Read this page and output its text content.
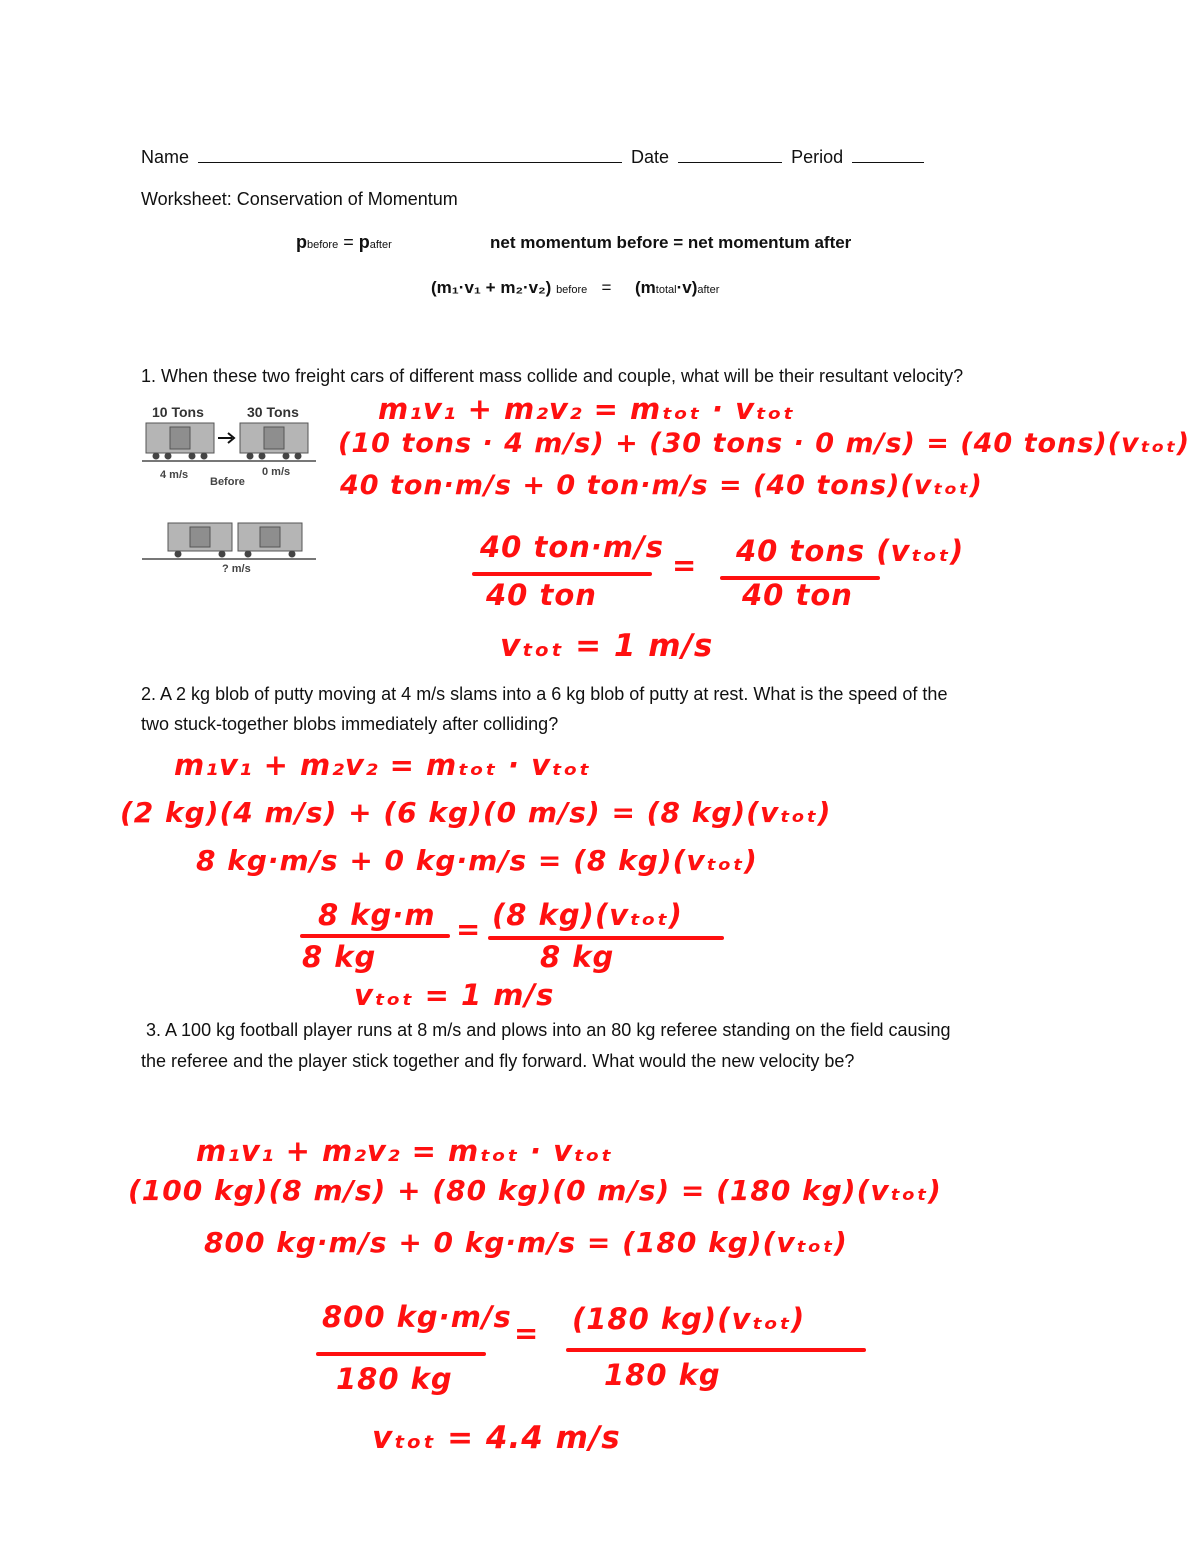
Name	Date	Period
Worksheet: Conservation of Momentum
pbefore = pafter	net momentum before = net momentum after
(m₁·v₁ + m₂·v₂) before = (mtotal·v)after
1. When these two freight cars of different mass collide and couple, what will be their resultant velocity?
10 Tons	30 Tons
4 m/s	0 m/s
Before
? m/s
m₁v₁ + m₂v₂ = mₜₒₜ · vₜₒₜ
(10 tons · 4 m/s) + (30 tons · 0 m/s) = (40 tons)(vₜₒₜ)
40 ton·m/s + 0 ton·m/s = (40 tons)(vₜₒₜ)
40 ton·m/s
40 ton
= 40 tons (vₜₒₜ)
40 ton
vₜₒₜ = 1 m/s
2. A 2 kg blob of putty moving at 4 m/s slams into a 6 kg blob of putty at rest. What is the speed of the
two stuck-together blobs immediately after colliding?
m₁v₁ + m₂v₂ = mₜₒₜ · vₜₒₜ
(2 kg)(4 m/s) + (6 kg)(0 m/s) = (8 kg)(vₜₒₜ)
8 kg·m/s + 0 kg·m/s = (8 kg)(vₜₒₜ)
8 kg·m
8 kg
= (8 kg)(vₜₒₜ)
8 kg
vₜₒₜ = 1 m/s
3. A 100 kg football player runs at 8 m/s and plows into an 80 kg referee standing on the field causing
the referee and the player stick together and fly forward. What would the new velocity be?
m₁v₁ + m₂v₂ = mₜₒₜ · vₜₒₜ
(100 kg)(8 m/s) + (80 kg)(0 m/s) = (180 kg)(vₜₒₜ)
800 kg·m/s + 0 kg·m/s = (180 kg)(vₜₒₜ)
800 kg·m/s
180 kg
= (180 kg)(vₜₒₜ)
180 kg
vₜₒₜ = 4.4 m/s
